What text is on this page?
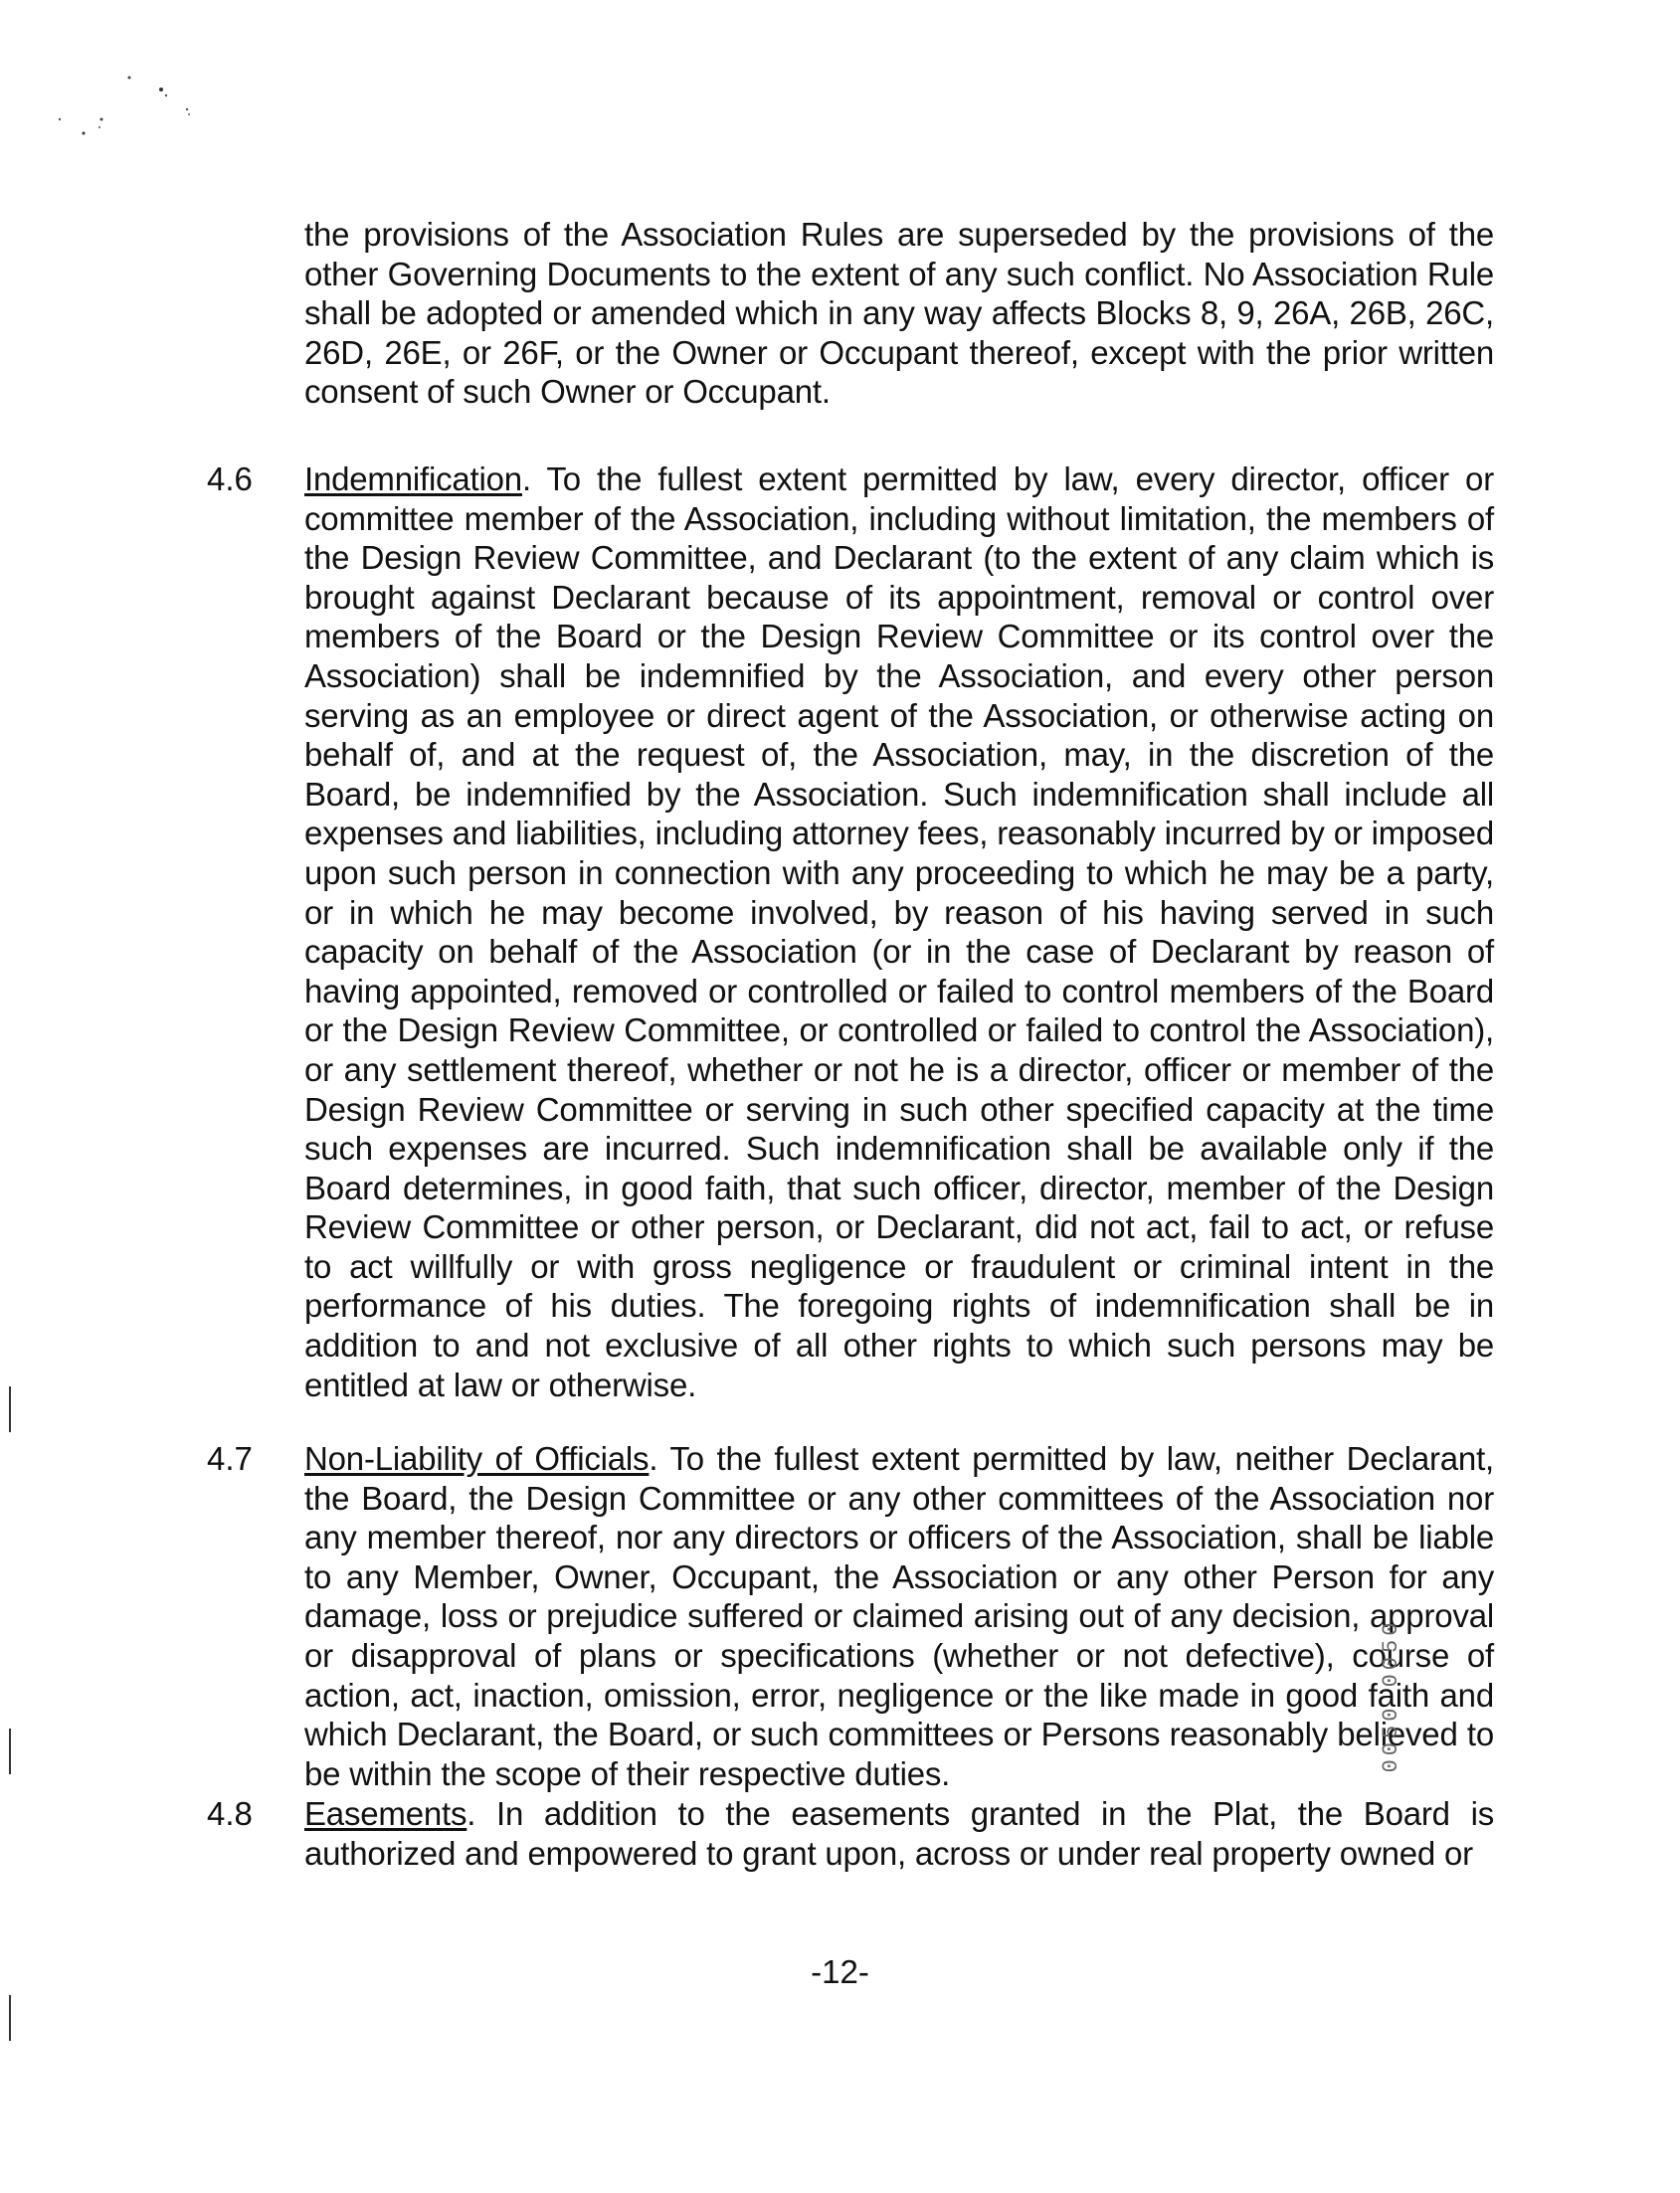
the provisions of the Association Rules are superseded by the provisions of the other Governing Documents to the extent of any such conflict. No Association Rule shall be adopted or amended which in any way affects Blocks 8, 9, 26A, 26B, 26C, 26D, 26E, or 26F, or the Owner or Occupant thereof, except with the prior written consent of such Owner or Occupant.
4.6 Indemnification. To the fullest extent permitted by law, every director, officer or committee member of the Association, including without limitation, the members of the Design Review Committee, and Declarant (to the extent of any claim which is brought against Declarant because of its appointment, removal or control over members of the Board or the Design Review Committee or its control over the Association) shall be indemnified by the Association, and every other person serving as an employee or direct agent of the Association, or otherwise acting on behalf of, and at the request of, the Association, may, in the discretion of the Board, be indemnified by the Association. Such indemnification shall include all expenses and liabilities, including attorney fees, reasonably incurred by or imposed upon such person in connection with any proceeding to which he may be a party, or in which he may become involved, by reason of his having served in such capacity on behalf of the Association (or in the case of Declarant by reason of having appointed, removed or controlled or failed to control members of the Board or the Design Review Committee, or controlled or failed to control the Association), or any settlement thereof, whether or not he is a director, officer or member of the Design Review Committee or serving in such other specified capacity at the time such expenses are incurred. Such indemnification shall be available only if the Board determines, in good faith, that such officer, director, member of the Design Review Committee or other person, or Declarant, did not act, fail to act, or refuse to act willfully or with gross negligence or fraudulent or criminal intent in the performance of his duties. The foregoing rights of indemnification shall be in addition to and not exclusive of all other rights to which such persons may be entitled at law or otherwise.
4.7 Non-Liability of Officials. To the fullest extent permitted by law, neither Declarant, the Board, the Design Committee or any other committees of the Association nor any member thereof, nor any directors or officers of the Association, shall be liable to any Member, Owner, Occupant, the Association or any other Person for any damage, loss or prejudice suffered or claimed arising out of any decision, approval or disapproval of plans or specifications (whether or not defective), course of action, act, inaction, omission, error, negligence or the like made in good faith and which Declarant, the Board, or such committees or Persons reasonably believed to be within the scope of their respective duties.
4.8 Easements. In addition to the easements granted in the Plat, the Board is authorized and empowered to grant upon, across or under real property owned or
-12-
0050 0050
